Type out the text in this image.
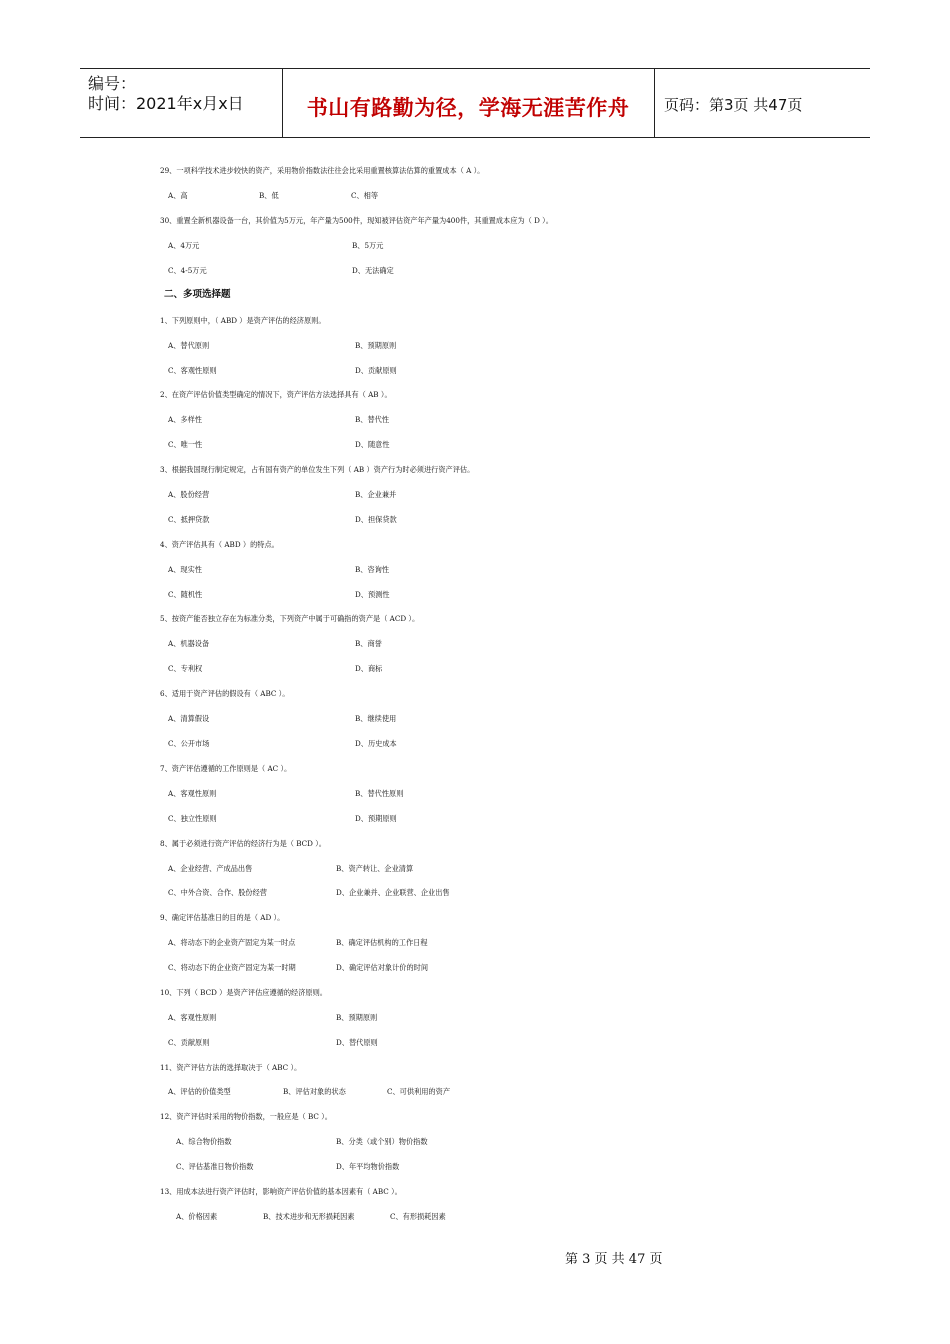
编号：
时间：2021年x月x日	书山有路勤为径，学海无涯苦作舟	页码：第3页 共47页
29、一项科学技术进步较快的资产，采用物价指数法往往会比采用重置核算法估算的重置成本（ A ）。
A、高	B、低	C、相等
30、重置全新机器设备一台，其价值为5万元，年产量为500件，现知被评估资产年产量为400件，其重置成本应为（ D ）。
A、4万元	B、5万元
C、4-5万元	D、无法确定
二、多项选择题
1、下列原则中，（ ABD ）是资产评估的经济原则。
A、替代原则	B、预期原则
C、客观性原则	D、贡献原则
2、在资产评估价值类型确定的情况下，资产评估方法选择具有（ AB ）。
A、多样性	B、替代性
C、唯一性	D、随意性
3、根据我国现行制定规定，占有国有资产的单位发生下列（ AB ）资产行为时必须进行资产评估。
A、股份经营	B、企业兼并
C、抵押贷款	D、担保贷款
4、资产评估具有（ ABD ）的特点。
A、现实性	B、咨询性
C、随机性	D、预测性
5、按资产能否独立存在为标准分类，下列资产中属于可确指的资产是（ ACD ）。
A、机器设备	B、商誉
C、专利权	D、商标
6、适用于资产评估的假设有（ ABC ）。
A、清算假设	B、继续使用
C、公开市场	D、历史成本
7、资产评估遵循的工作原则是（ AC ）。
A、客观性原则	B、替代性原则
C、独立性原则	D、预期原则
8、属于必须进行资产评估的经济行为是（ BCD ）。
A、企业经营、产成品出售	B、资产转让、企业清算
C、中外合资、合作、股份经营	D、企业兼并、企业联营、企业出售
9、确定评估基准日的目的是（ AD ）。
A、将动态下的企业资产固定为某一时点	B、确定评估机构的工作日程
C、将动态下的企业资产固定为某一时期	D、确定评估对象计价的时间
10、下列（ BCD ）是资产评估应遵循的经济原则。
A、客观性原则	B、预期原则
C、贡献原则	D、替代原则
11、资产评估方法的选择取决于（ ABC ）。
A、评估的价值类型	B、评估对象的状态	C、可供利用的资产
12、资产评估时采用的物价指数，一般应是（ BC ）。
A、综合物价指数	B、分类（或个别）物价指数
C、评估基准日物价指数	D、年平均物价指数
13、用成本法进行资产评估时，影响资产评估价值的基本因素有（ ABC ）。
A、价格因素	B、技术进步和无形损耗因素	C、有形损耗因素
第 3 页 共 47 页
